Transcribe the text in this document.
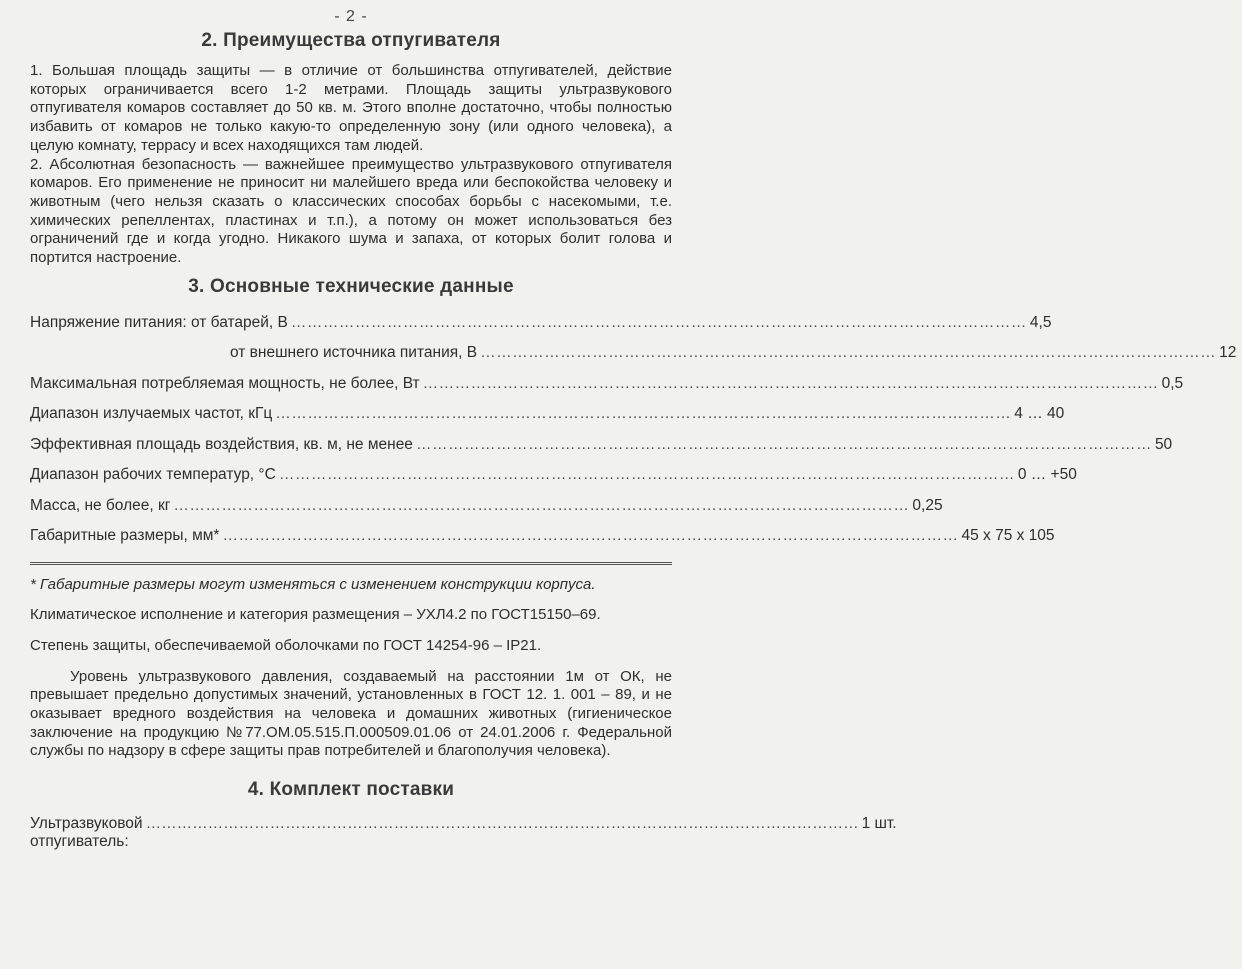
- 2 -
2. Преимущества отпугивателя

1. Большая площадь защиты — в отличие от большинства отпугивателей, действие которых ограничивается всего 1-2 метрами. Площадь защиты ультразвукового отпугивателя комаров составляет до 50 кв. м. Этого вполне достаточно, чтобы полностью избавить от комаров не только какую-то определенную зону (или одного человека), а целую комнату, террасу и всех находящихся там людей.

2. Абсолютная безопасность — важнейшее преимущество ультразвукового отпугивателя комаров. Его применение не приносит ни малейшего вреда или беспокойства человеку и животным (чего нельзя сказать о классических способах борьбы с насекомыми, т.е. химических репеллентах, пластинах и т.п.), а потому он может использоваться без ограничений где и когда угодно. Никакого шума и запаха, от которых болит голова и портится настроение.

3. Основные технические данные
Напряжение питания: от батарей, В ………………………………………………………………………………………………………………………… 4,5
от внешнего источника питания, В ………………………………………………………………………………………………………………………… 12
Максимальная потребляемая мощность, не более, Вт ………………………………………………………………………………………………………………………… 0,5
Диапазон излучаемых частот, кГц ………………………………………………………………………………………………………………………… 4 … 40
Эффективная площадь воздействия, кв. м, не менее ………………………………………………………………………………………………………………………… 50
Диапазон рабочих температур, °С ………………………………………………………………………………………………………………………… 0 … +50
Масса, не более, кг ………………………………………………………………………………………………………………………… 0,25
Габаритные размеры, мм* ………………………………………………………………………………………………………………………… 45 x 75 x 105

* Габаритные размеры могут изменяться с изменением конструкции корпуса.

Климатическое исполнение и категория размещения – УХЛ4.2 по ГОСТ15150–69.

Степень защиты, обеспечиваемой оболочками по ГОСТ 14254-96 – IP21.

Уровень ультразвукового давления, создаваемый на расстоянии 1м от ОК, не превышает предельно допустимых значений, установленных в ГОСТ 12. 1. 001 – 89, и не оказывает вредного воздействия на человека и домашних животных (гигиеническое заключение на продукцию №77.ОМ.05.515.П.000509.01.06 от 24.01.2006 г. Федеральной службы по надзору в сфере защиты прав потребителей и благополучия человека).

4. Комплект поставки
Ультразвуковой отпугиватель:
………………………………………………………………………………………………………………………… 1 шт.
